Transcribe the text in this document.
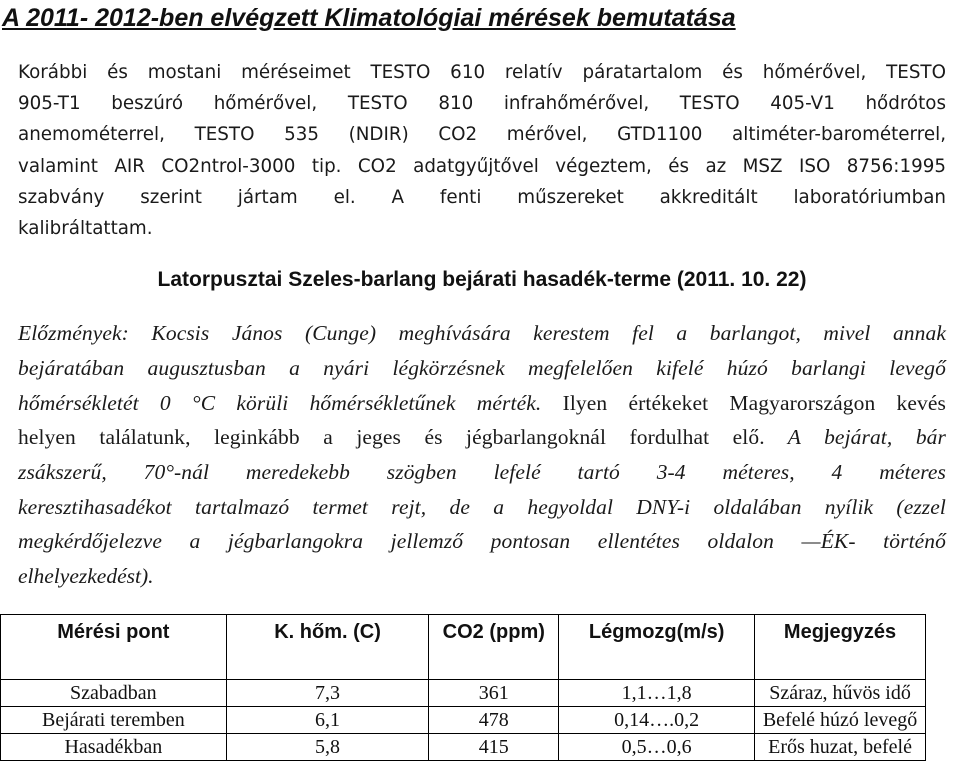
A 2011- 2012-ben elvégzett Klimatológiai mérések bemutatása
Korábbi és mostani méréseimet TESTO 610 relatív páratartalom és hőmérővel, TESTO
905-T1 beszúró hőmérővel, TESTO 810 infrahőmérővel, TESTO 405-V1 hődrótos
anemométerrel, TESTO 535 (NDIR) CO2 mérővel, GTD1100 altiméter-barométerrel,
valamint AIR CO2ntrol-3000 tip. CO2 adatgyűjtővel végeztem, és az MSZ ISO 8756:1995
szabvány szerint jártam el. A fenti műszereket akkreditált laboratóriumban
kalibráltattam.
Latorpusztai Szeles-barlang bejárati hasadék-terme (2011. 10. 22)
Előzmények: Kocsis János (Cunge) meghívására kerestem fel a barlangot, mivel annak
bejáratában augusztusban a nyári légkörzésnek megfelelően kifelé húzó barlangi levegő
hőmérsékletét 0 °C körüli hőmérsékletűnek mérték. Ilyen értékeket Magyarországon kevés
helyen találatunk, leginkább a jeges és jégbarlangoknál fordulhat elő. A bejárat, bár
zsákszerű, 70°-nál meredekebb szögben lefelé tartó 3-4 méteres, 4 méteres
keresztihasadékot tartalmazó termet rejt, de a hegyoldal DNY-i oldalában nyílik (ezzel
megkérdőjelezve a jégbarlangokra jellemző pontosan ellentétes oldalon —ÉK- történő
elhelyezkedést).
Mérési pont	K. hőm. (C)	CO2 (ppm)	Légmozg(m/s)	Megjegyzés
Szabadban	7,3	361	1,1…1,8	Száraz, hűvös idő
Bejárati teremben	6,1	478	0,14….0,2	Befelé húzó levegő
Hasadékban	5,8	415	0,5…0,6	Erős huzat, befelé
